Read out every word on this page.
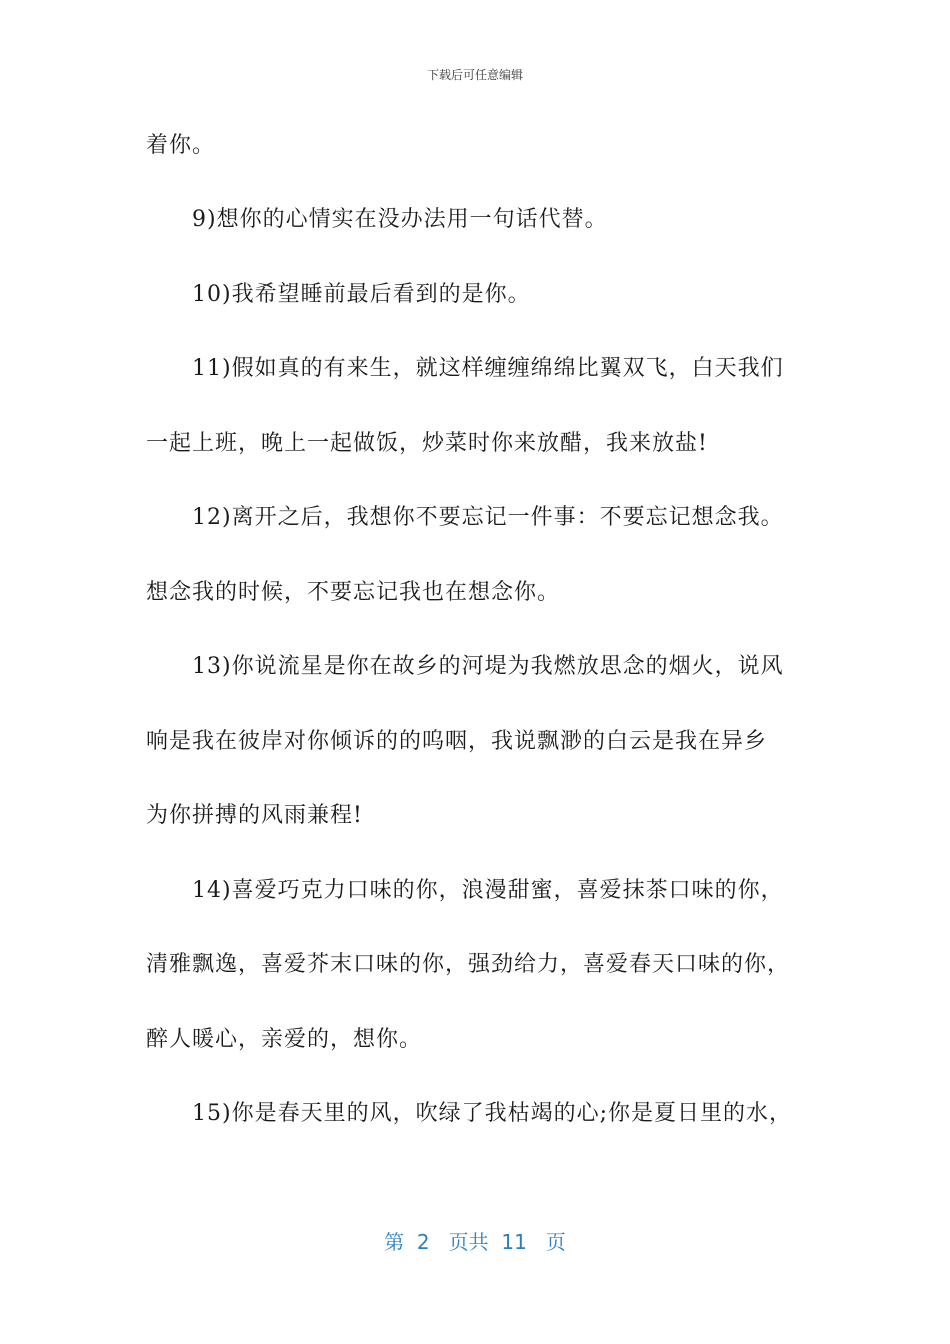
下载后可任意编辑
着你。
9)想你的心情实在没办法用一句话代替。
10)我希望睡前最后看到的是你。
11)假如真的有来生，就这样缠缠绵绵比翼双飞，白天我们
一起上班，晚上一起做饭，炒菜时你来放醋，我来放盐!
12)离开之后，我想你不要忘记一件事：不要忘记想念我。
想念我的时候，不要忘记我也在想念你。
13)你说流星是你在故乡的河堤为我燃放思念的烟火，说风
响是我在彼岸对你倾诉的的呜咽，我说飘渺的白云是我在异乡
为你拼搏的风雨兼程!
14)喜爱巧克力口味的你，浪漫甜蜜，喜爱抹茶口味的你，
清雅飘逸，喜爱芥末口味的你，强劲给力，喜爱春天口味的你，
醉人暖心，亲爱的，想你。
15)你是春天里的风，吹绿了我枯竭的心;你是夏日里的水，
第  2   页共  11   页
